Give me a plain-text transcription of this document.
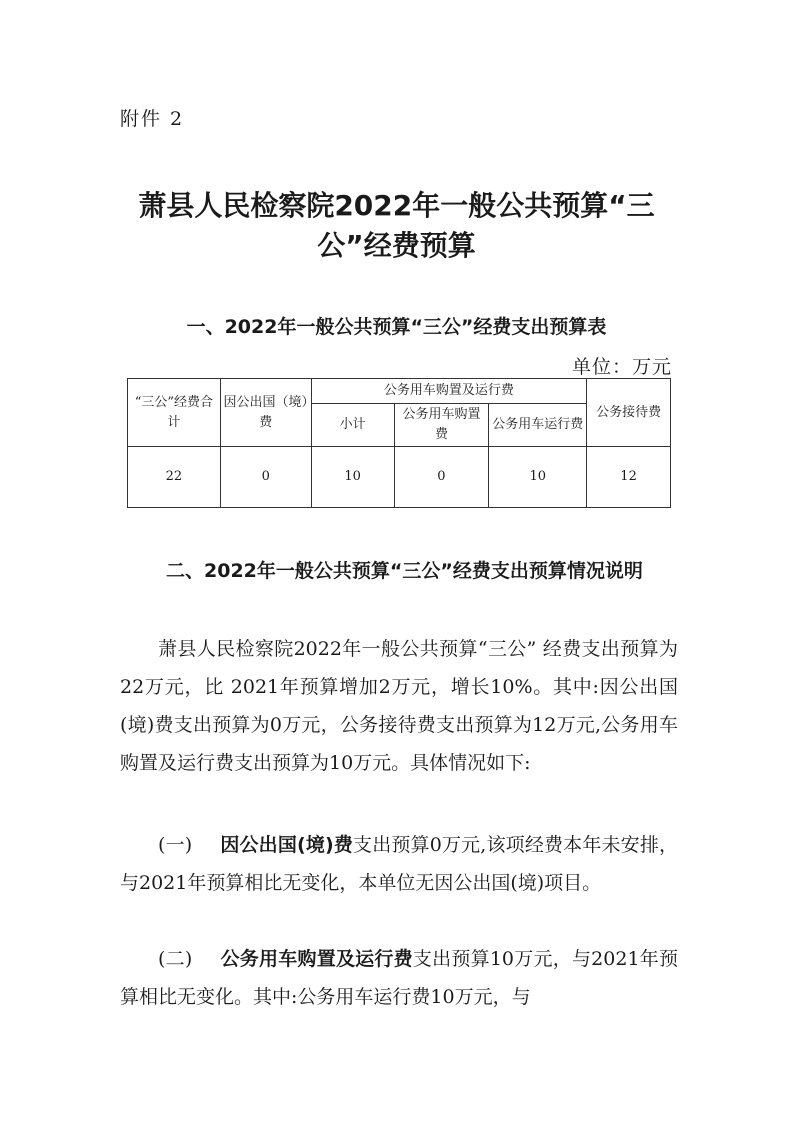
附件 2
萧县人民检察院2022年一般公共预算“三
公”经费预算
一、2022年一般公共预算“三公”经费支出预算表
单位：万元
“三公”经费合计	因公出国（境）费	公务用车购置及运行费			公务接待费
		小计	公务用车购置费	公务用车运行费	
22	0	10	0	10	12
二、2022年一般公共预算“三公”经费支出预算情况说明

萧县人民检察院2022年一般公共预算“三公” 经费支出预算为22万元，比 2021年预算增加2万元，增长10%。其中:因公出国(境)费支出预算为0万元，公务接待费支出预算为12万元,公务用车购置及运行费支出预算为10万元。具体情况如下:

(一) 因公出国(境)费支出预算0万元,该项经费本年未安排，与2021年预算相比无变化，本单位无因公出国(境)项目。

(二) 公务用车购置及运行费支出预算10万元，与2021年预算相比无变化。其中:公务用车运行费10万元，与
